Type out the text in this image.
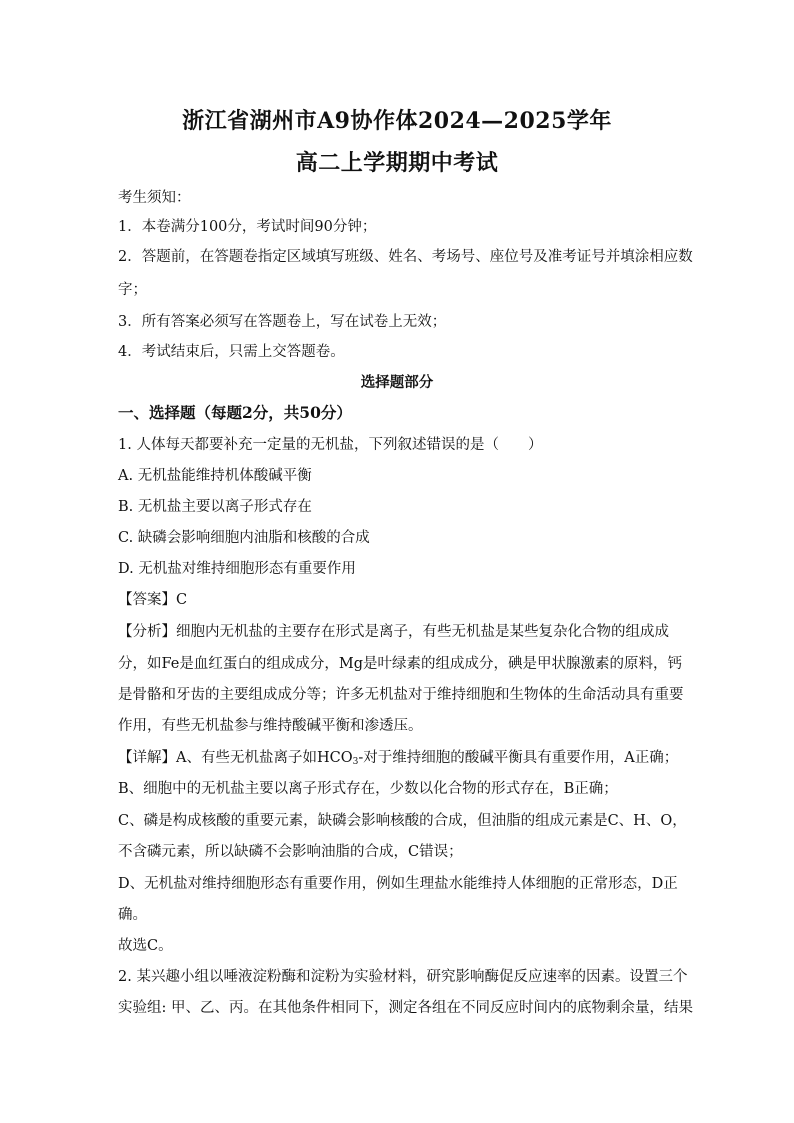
浙江省湖州市A9协作体2024—2025学年
高二上学期期中考试
考生须知：
1．本卷满分100分，考试时间90分钟；
2．答题前，在答题卷指定区域填写班级、姓名、考场号、座位号及准考证号并填涂相应数
字；
3．所有答案必须写在答题卷上，写在试卷上无效；
4．考试结束后，只需上交答题卷。
选择题部分
一、选择题（每题2分，共50分）
1. 人体每天都要补充一定量的无机盐，下列叙述错误的是（　　）
A. 无机盐能维持机体酸碱平衡
B. 无机盐主要以离子形式存在
C. 缺磷会影响细胞内油脂和核酸的合成
D. 无机盐对维持细胞形态有重要作用
【答案】C
【分析】细胞内无机盐的主要存在形式是离子，有些无机盐是某些复杂化合物的组成成
分，如Fe是血红蛋白的组成成分，Mg是叶绿素的组成成分，碘是甲状腺激素的原料，钙
是骨骼和牙齿的主要组成成分等；许多无机盐对于维持细胞和生物体的生命活动具有重要
作用，有些无机盐参与维持酸碱平衡和渗透压。
【详解】A、有些无机盐离子如$HCO_3-$对于维持细胞的酸碱平衡具有重要作用，A正确；
B、细胞中的无机盐主要以离子形式存在，少数以化合物的形式存在，B正确；
C、磷是构成核酸的重要元素，缺磷会影响核酸的合成，但油脂的组成元素是C、H、O，
不含磷元素，所以缺磷不会影响油脂的合成，C错误；
D、无机盐对维持细胞形态有重要作用，例如生理盐水能维持人体细胞的正常形态，D正
确。
故选C。
2. 某兴趣小组以唾液淀粉酶和淀粉为实验材料，研究影响酶促反应速率的因素。设置三个
实验组: 甲、乙、丙。在其他条件相同下，测定各组在不同反应时间内的底物剩余量，结果
